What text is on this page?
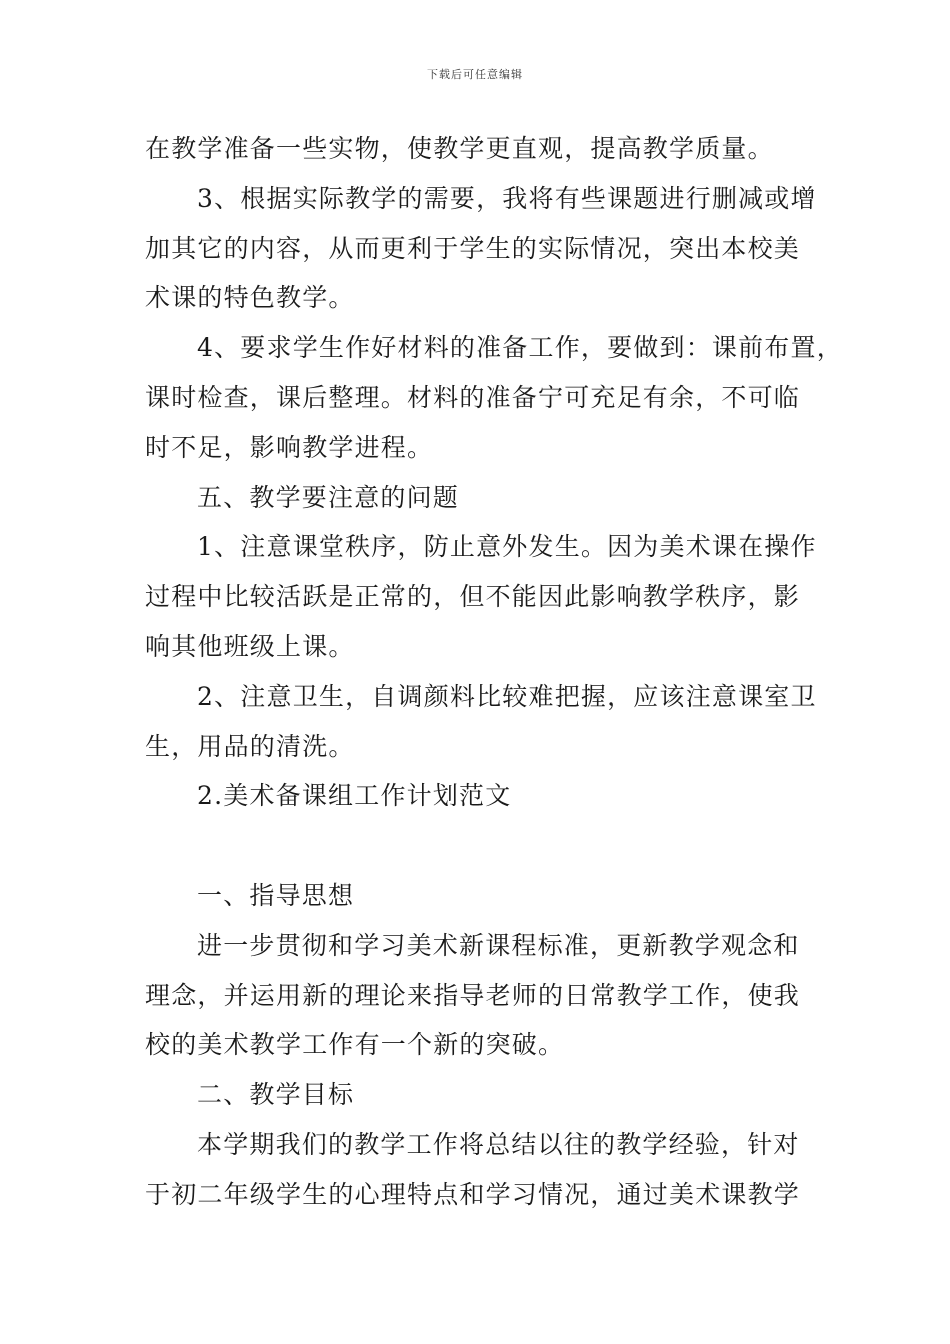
下载后可任意编辑
在教学准备一些实物，使教学更直观，提高教学质量。
3、根据实际教学的需要，我将有些课题进行删减或增
加其它的内容，从而更利于学生的实际情况，突出本校美
术课的特色教学。
4、要求学生作好材料的准备工作，要做到：课前布置，
课时检查，课后整理。材料的准备宁可充足有余，不可临
时不足，影响教学进程。
五、教学要注意的问题
1、注意课堂秩序，防止意外发生。因为美术课在操作
过程中比较活跃是正常的，但不能因此影响教学秩序，影
响其他班级上课。
2、注意卫生，自调颜料比较难把握，应该注意课室卫
生，用品的清洗。
2.美术备课组工作计划范文
一、指导思想
进一步贯彻和学习美术新课程标准，更新教学观念和
理念，并运用新的理论来指导老师的日常教学工作，使我
校的美术教学工作有一个新的突破。
二、教学目标
本学期我们的教学工作将总结以往的教学经验，针对
于初二年级学生的心理特点和学习情况，通过美术课教学
